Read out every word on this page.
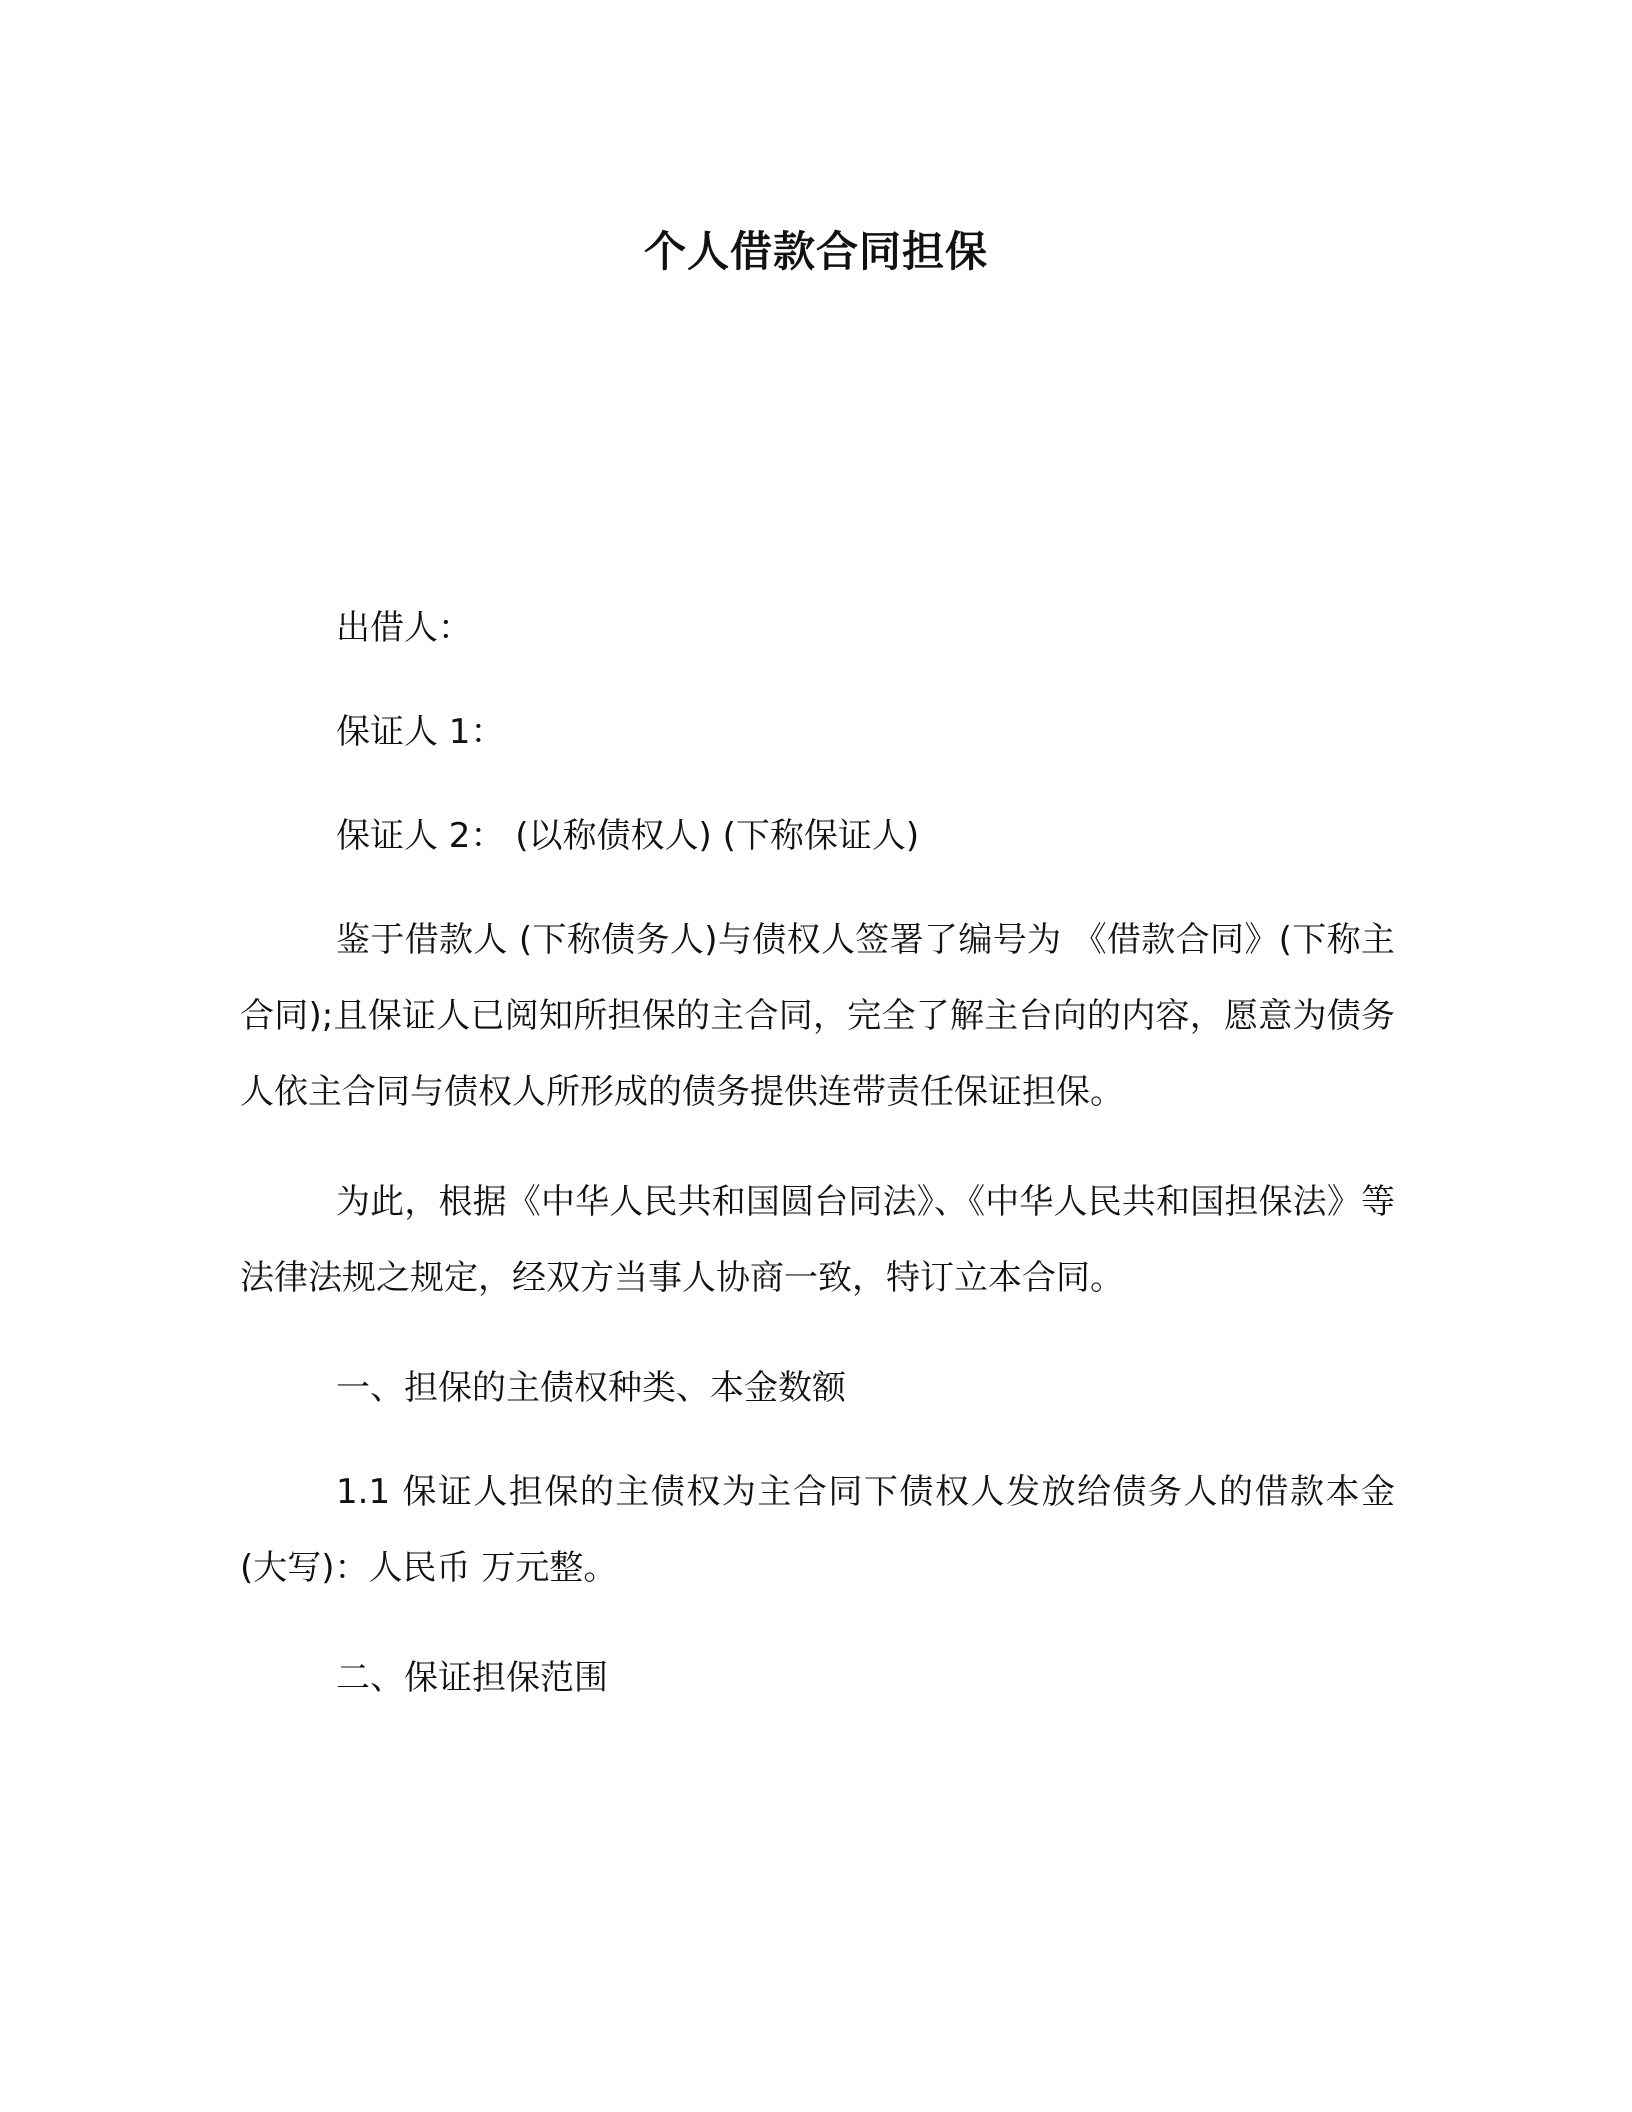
个人借款合同担保

出借人：

保证人 1：

保证人 2： (以称债权人) (下称保证人)

鉴于借款人 (下称债务人)与债权人签署了编号为 《借款合同》(下称主合同);且保证人已阅知所担保的主合同，完全了解主台向的内容，愿意为债务人依主合同与债权人所形成的债务提供连带责任保证担保。

为此，根据《中华人民共和国圆台同法》、《中华人民共和国担保法》等法律法规之规定，经双方当事人协商一致，特订立本合同。

一、担保的主债权种类、本金数额

1.1 保证人担保的主债权为主合同下债权人发放给债务人的借款本金(大写)：人民币 万元整。

二、保证担保范围
